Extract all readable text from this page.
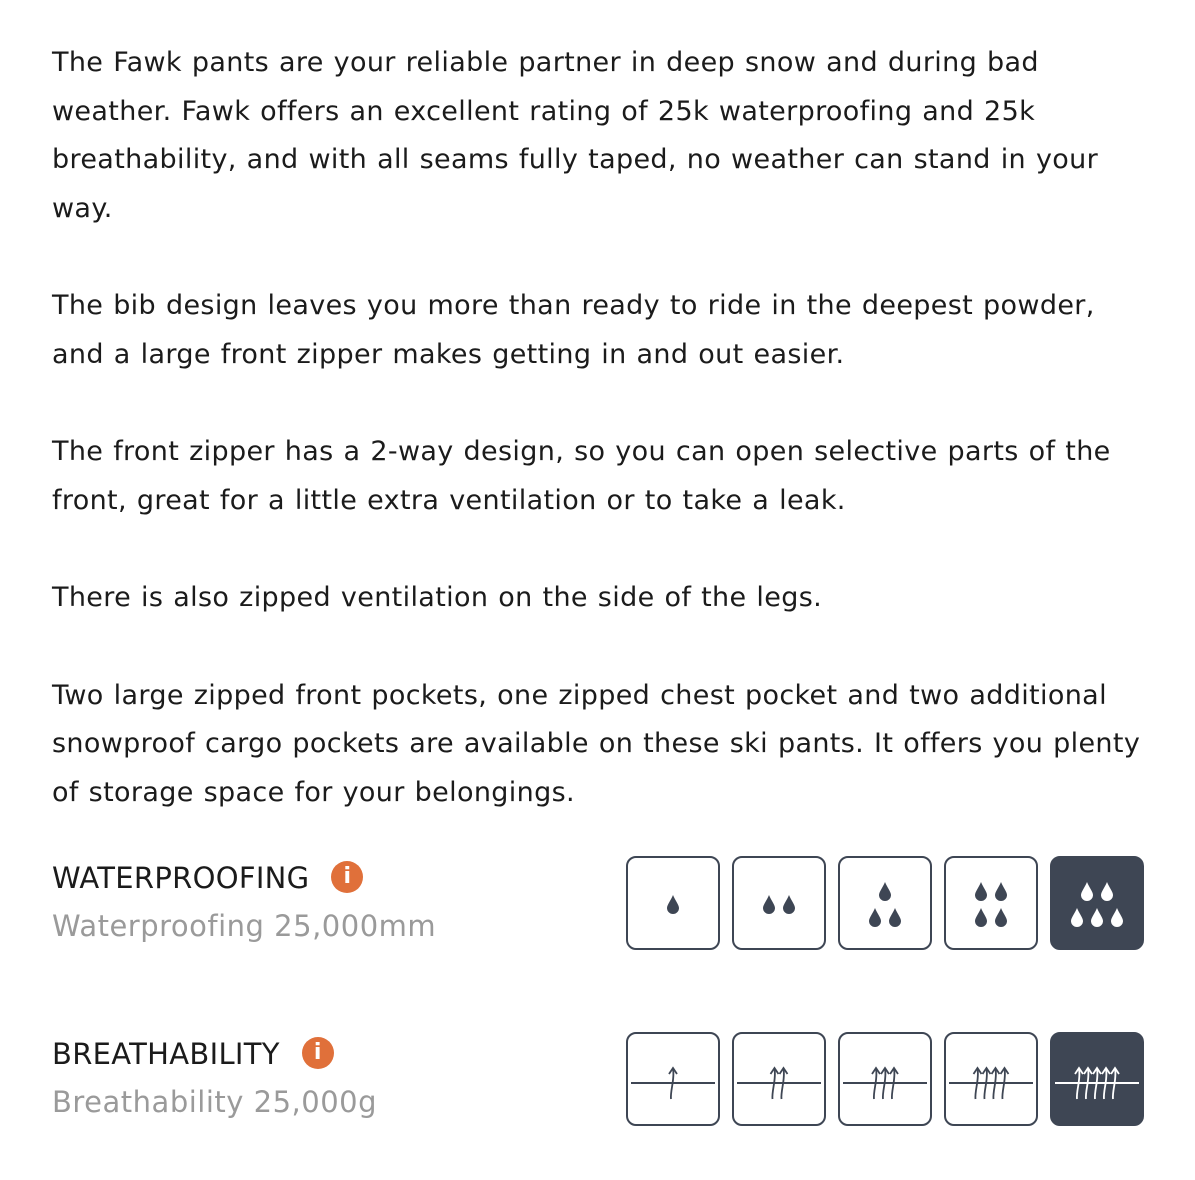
The Fawk pants are your reliable partner in deep snow and during bad weather. Fawk offers an excellent rating of 25k waterproofing and 25k breathability, and with all seams fully taped, no weather can stand in your way.

The bib design leaves you more than ready to ride in the deepest powder, and a large front zipper makes getting in and out easier.

The front zipper has a 2-way design, so you can open selective parts of the front, great for a little extra ventilation or to take a leak.

There is also zipped ventilation on the side of the legs.

Two large zipped front pockets, one zipped chest pocket and two additional snowproof cargo pockets are available on these ski pants. It offers you plenty of storage space for your belongings.

WATERPROOFING i
Waterproofing 25,000mm
BREATHABILITY i
Breathability 25,000g
